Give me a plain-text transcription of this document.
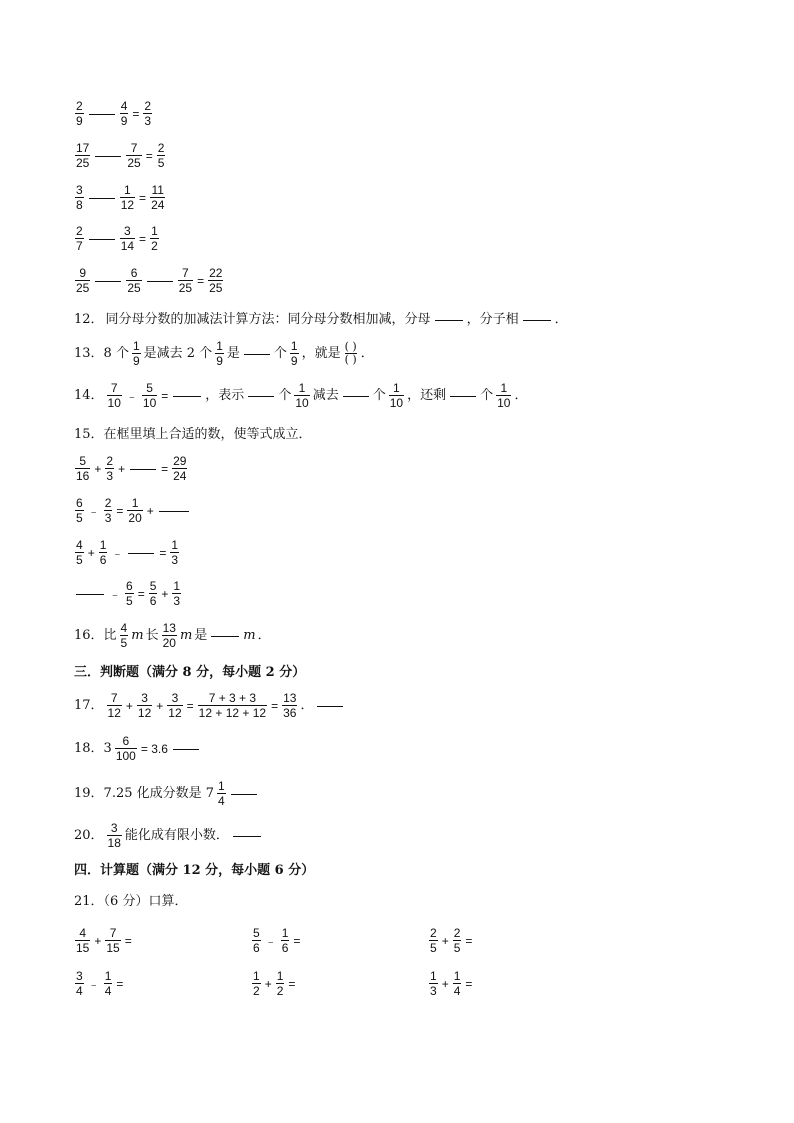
$\frac{2}{9}$	$\frac{4}{9} = \frac{2}{3}$
$\frac{17}{25}$	$\frac{7}{25} = \frac{2}{5}$
$\frac{3}{8}$	$\frac{1}{12} = \frac{11}{24}$
$\frac{2}{7}$	$\frac{3}{14} = \frac{1}{2}$
$\frac{9}{25}$	$\frac{6}{25}$	$\frac{7}{25} = \frac{22}{25}$
12． 同分母分数的加减法计算方法：同分母分数相加减，分母	，分子相	．
13．8 个 $\frac{1}{9}$ 是减去 2 个 $\frac{1}{9}$ 是	个 $\frac{1}{9}$ ，就是 ( )
( ) ．
14． $\frac{7}{10}$ ﹣ $\frac{5}{10}$ =	，表示	个 $\frac{1}{10}$ 减去	个 $\frac{1}{10}$ ，还剩	个 $\frac{1}{10}$ ．
15．在框里填上合适的数，使等式成立．
$\frac{5}{16} + \frac{2}{3}$ +	= $\frac{29}{24}$
$\frac{6}{5}$ ﹣ $\frac{2}{3} = \frac{1}{20}$ +
$\frac{4}{5} + \frac{1}{6}$ ﹣	= $\frac{1}{3}$
﹣ $\frac{6}{5} = \frac{5}{6} + \frac{1}{3}$
16．比 $\frac{4}{5}$ m 长 $\frac{13}{20}$ m 是	m ．
三．判断题（满分 8 分，每小题 2 分）
17． $\frac{7}{12} + \frac{3}{12} + \frac{3}{12} = \frac{7 + 3 + 3}{12 + 12 + 12} = \frac{13}{36}$ ．
18．$3 \frac{6}{100} = 3.6$
19．7.25 化成分数是 $7 \frac{1}{4}$
20． $\frac{3}{18}$ 能化成有限小数．
四．计算题（满分 12 分，每小题 6 分）
21．（6 分）口算．
$\frac{4}{15} + \frac{7}{15}$ =	$\frac{5}{6}$ ﹣ $\frac{1}{6}$ =	$\frac{2}{5} + \frac{2}{5}$ =
$\frac{3}{4}$ ﹣ $\frac{1}{4}$ =	$\frac{1}{2} + \frac{1}{2}$ =	$\frac{1}{3} + \frac{1}{4}$ =
